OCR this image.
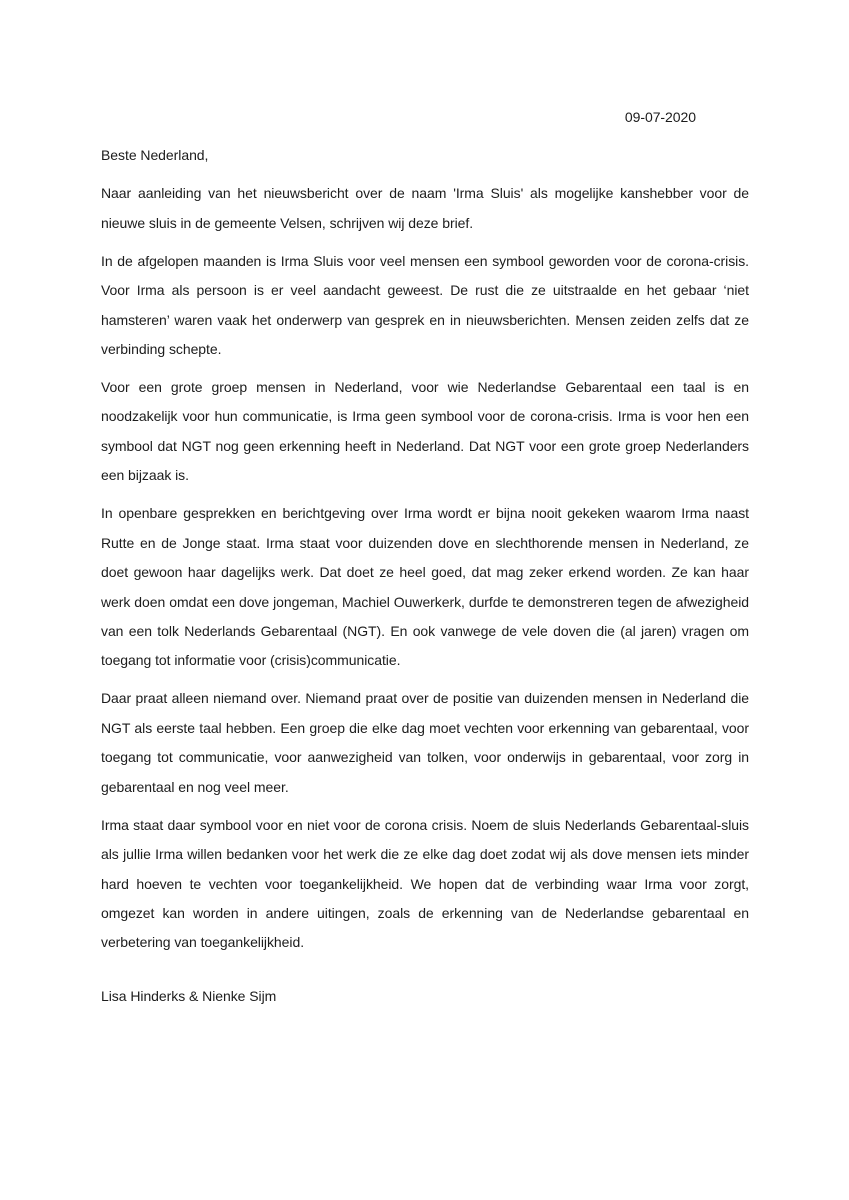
09-07-2020

Beste Nederland,

Naar aanleiding van het nieuwsbericht over de naam 'Irma Sluis' als mogelijke kanshebber voor de nieuwe sluis in de gemeente Velsen, schrijven wij deze brief.

In de afgelopen maanden is Irma Sluis voor veel mensen een symbool geworden voor de corona-crisis. Voor Irma als persoon is er veel aandacht geweest. De rust die ze uitstraalde en het gebaar ‘niet hamsteren’ waren vaak het onderwerp van gesprek en in nieuwsberichten. Mensen zeiden zelfs dat ze verbinding schepte.

Voor een grote groep mensen in Nederland, voor wie Nederlandse Gebarentaal een taal is en noodzakelijk voor hun communicatie, is Irma geen symbool voor de corona-crisis. Irma is voor hen een symbool dat NGT nog geen erkenning heeft in Nederland. Dat NGT voor een grote groep Nederlanders een bijzaak is.

In openbare gesprekken en berichtgeving over Irma wordt er bijna nooit gekeken waarom Irma naast Rutte en de Jonge staat. Irma staat voor duizenden dove en slechthorende mensen in Nederland, ze doet gewoon haar dagelijks werk. Dat doet ze heel goed, dat mag zeker erkend worden. Ze kan haar werk doen omdat een dove jongeman, Machiel Ouwerkerk, durfde te demonstreren tegen de afwezigheid van een tolk Nederlands Gebarentaal (NGT). En ook vanwege de vele doven die (al jaren) vragen om toegang tot informatie voor (crisis)communicatie.

Daar praat alleen niemand over. Niemand praat over de positie van duizenden mensen in Nederland die NGT als eerste taal hebben. Een groep die elke dag moet vechten voor erkenning van gebarentaal, voor toegang tot communicatie, voor aanwezigheid van tolken, voor onderwijs in gebarentaal, voor zorg in gebarentaal en nog veel meer.

Irma staat daar symbool voor en niet voor de corona crisis. Noem de sluis Nederlands Gebarentaal-sluis als jullie Irma willen bedanken voor het werk die ze elke dag doet zodat wij als dove mensen iets minder hard hoeven te vechten voor toegankelijkheid. We hopen dat de verbinding waar Irma voor zorgt, omgezet kan worden in andere uitingen, zoals de erkenning van de Nederlandse gebarentaal en verbetering van toegankelijkheid.

Lisa Hinderks & Nienke Sijm
